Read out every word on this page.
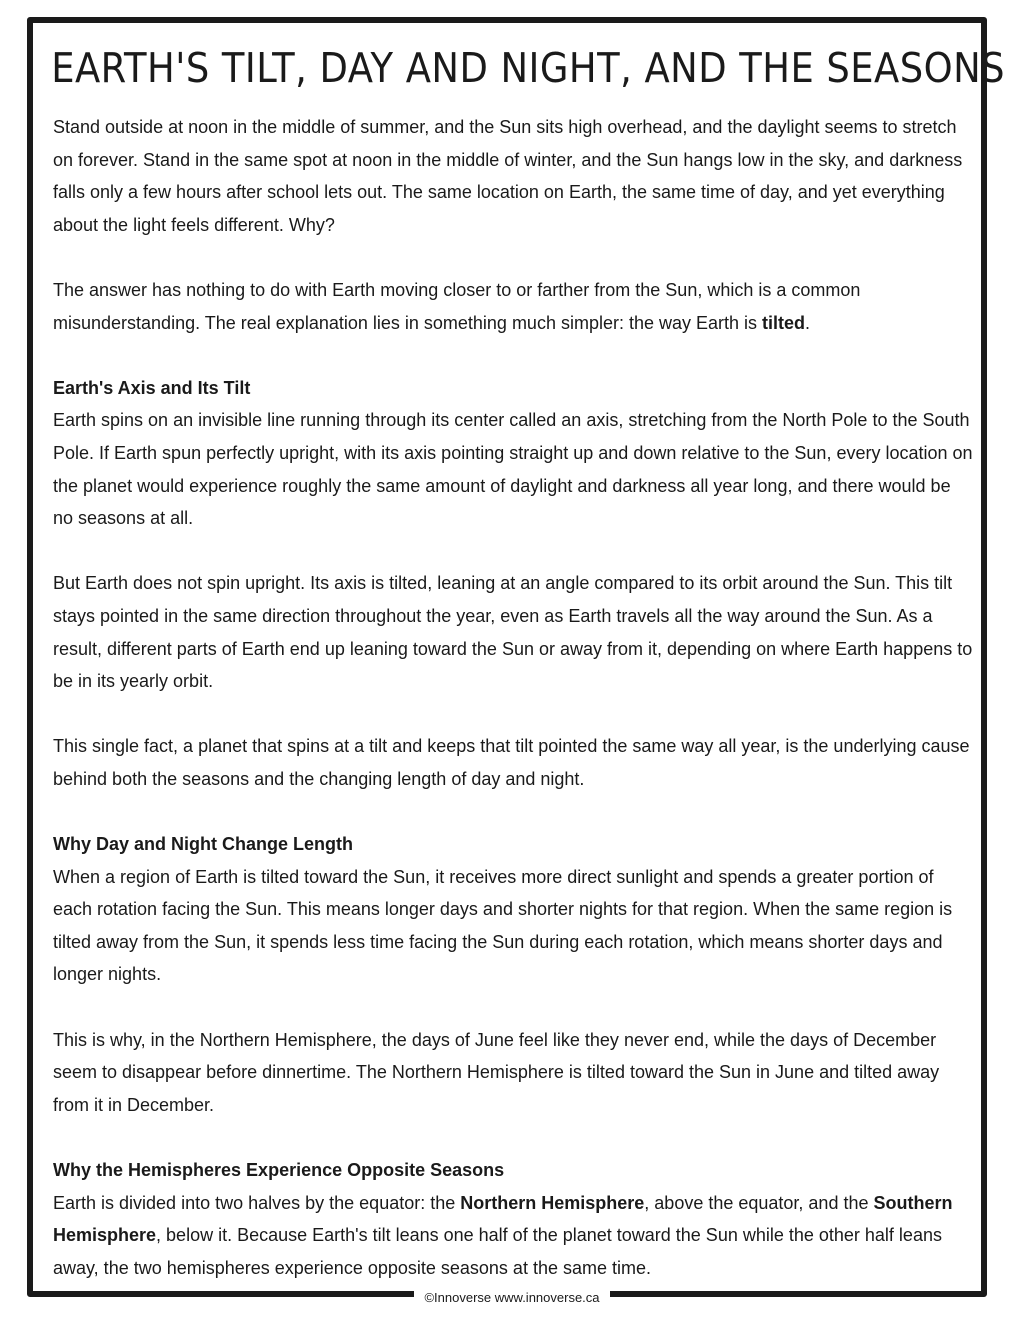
EARTH'S TILT, DAY AND NIGHT, AND THE SEASONS

Stand outside at noon in the middle of summer, and the Sun sits high overhead, and the daylight seems to stretch on forever. Stand in the same spot at noon in the middle of winter, and the Sun hangs low in the sky, and darkness falls only a few hours after school lets out. The same location on Earth, the same time of day, and yet everything about the light feels different. Why?

The answer has nothing to do with Earth moving closer to or farther from the Sun, which is a common misunderstanding. The real explanation lies in something much simpler: the way Earth is tilted.

Earth's Axis and Its Tilt

Earth spins on an invisible line running through its center called an axis, stretching from the North Pole to the South Pole. If Earth spun perfectly upright, with its axis pointing straight up and down relative to the Sun, every location on the planet would experience roughly the same amount of daylight and darkness all year long, and there would be no seasons at all.

But Earth does not spin upright. Its axis is tilted, leaning at an angle compared to its orbit around the Sun. This tilt stays pointed in the same direction throughout the year, even as Earth travels all the way around the Sun. As a result, different parts of Earth end up leaning toward the Sun or away from it, depending on where Earth happens to be in its yearly orbit.

This single fact, a planet that spins at a tilt and keeps that tilt pointed the same way all year, is the underlying cause behind both the seasons and the changing length of day and night.

Why Day and Night Change Length

When a region of Earth is tilted toward the Sun, it receives more direct sunlight and spends a greater portion of each rotation facing the Sun. This means longer days and shorter nights for that region. When the same region is tilted away from the Sun, it spends less time facing the Sun during each rotation, which means shorter days and longer nights.

This is why, in the Northern Hemisphere, the days of June feel like they never end, while the days of December seem to disappear before dinnertime. The Northern Hemisphere is tilted toward the Sun in June and tilted away from it in December.

Why the Hemispheres Experience Opposite Seasons

Earth is divided into two halves by the equator: the Northern Hemisphere, above the equator, and the Southern Hemisphere, below it. Because Earth's tilt leans one half of the planet toward the Sun while the other half leans away, the two hemispheres experience opposite seasons at the same time.

©Innoverse www.innoverse.ca
